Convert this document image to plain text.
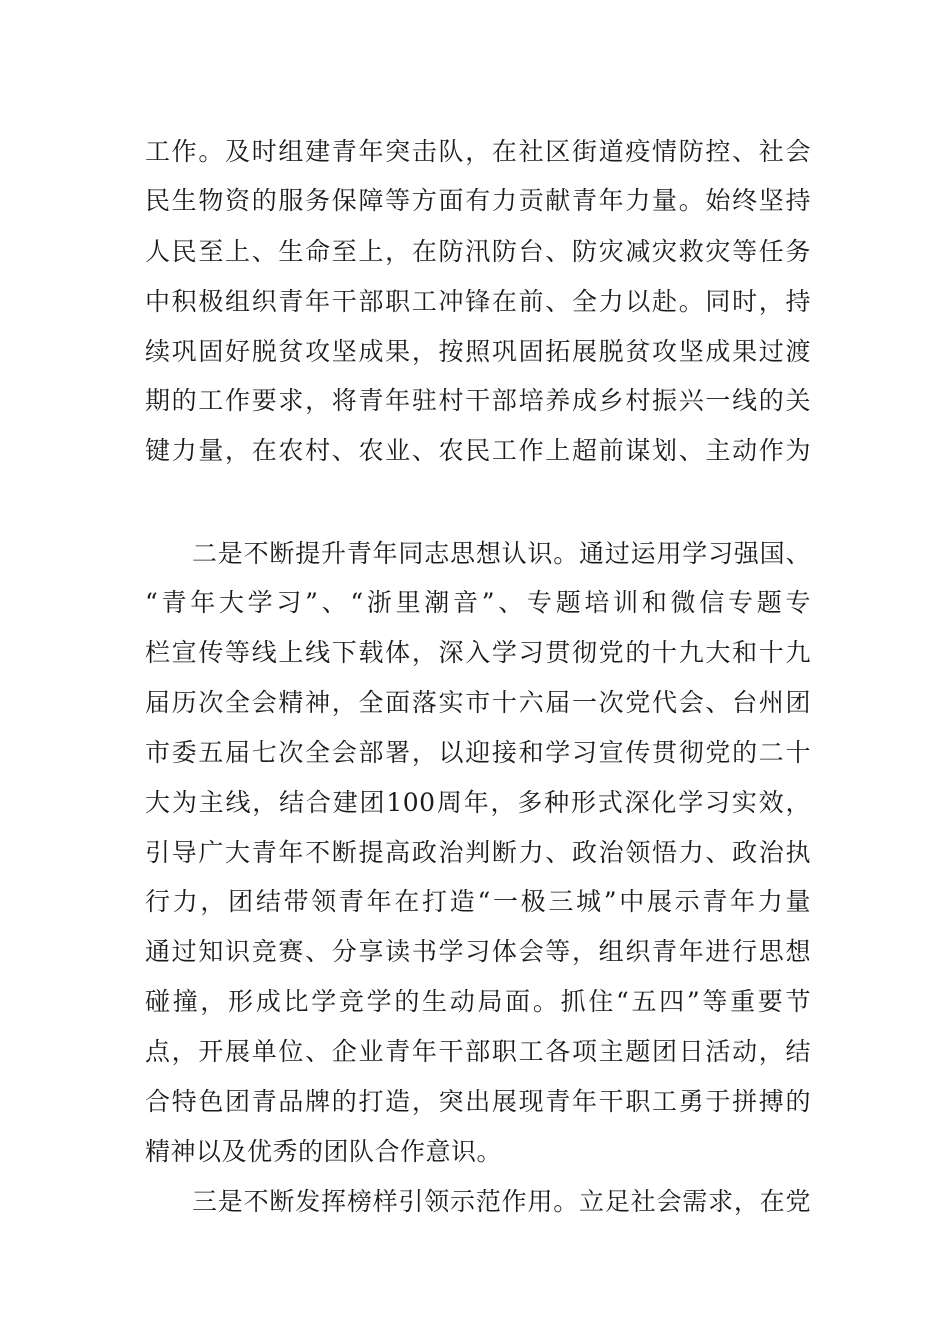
工作。及时组建青年突击队，在社区街道疫情防控、社会
民生物资的服务保障等方面有力贡献青年力量。始终坚持
人民至上、生命至上，在防汛防台、防灾减灾救灾等任务
中积极组织青年干部职工冲锋在前、全力以赴。同时，持
续巩固好脱贫攻坚成果，按照巩固拓展脱贫攻坚成果过渡
期的工作要求，将青年驻村干部培养成乡村振兴一线的关
键力量，在农村、农业、农民工作上超前谋划、主动作为
二是不断提升青年同志思想认识。通过运用学习强国、
“青年大学习”、“浙里潮音”、专题培训和微信专题专
栏宣传等线上线下载体，深入学习贯彻党的十九大和十九
届历次全会精神，全面落实市十六届一次党代会、台州团
市委五届七次全会部署，以迎接和学习宣传贯彻党的二十
大为主线，结合建团100周年，多种形式深化学习实效，
引导广大青年不断提高政治判断力、政治领悟力、政治执
行力，团结带领青年在打造“一极三城”中展示青年力量
通过知识竞赛、分享读书学习体会等，组织青年进行思想
碰撞，形成比学竞学的生动局面。抓住“五四”等重要节
点，开展单位、企业青年干部职工各项主题团日活动，结
合特色团青品牌的打造，突出展现青年干职工勇于拼搏的
精神以及优秀的团队合作意识。
三是不断发挥榜样引领示范作用。立足社会需求，在党
